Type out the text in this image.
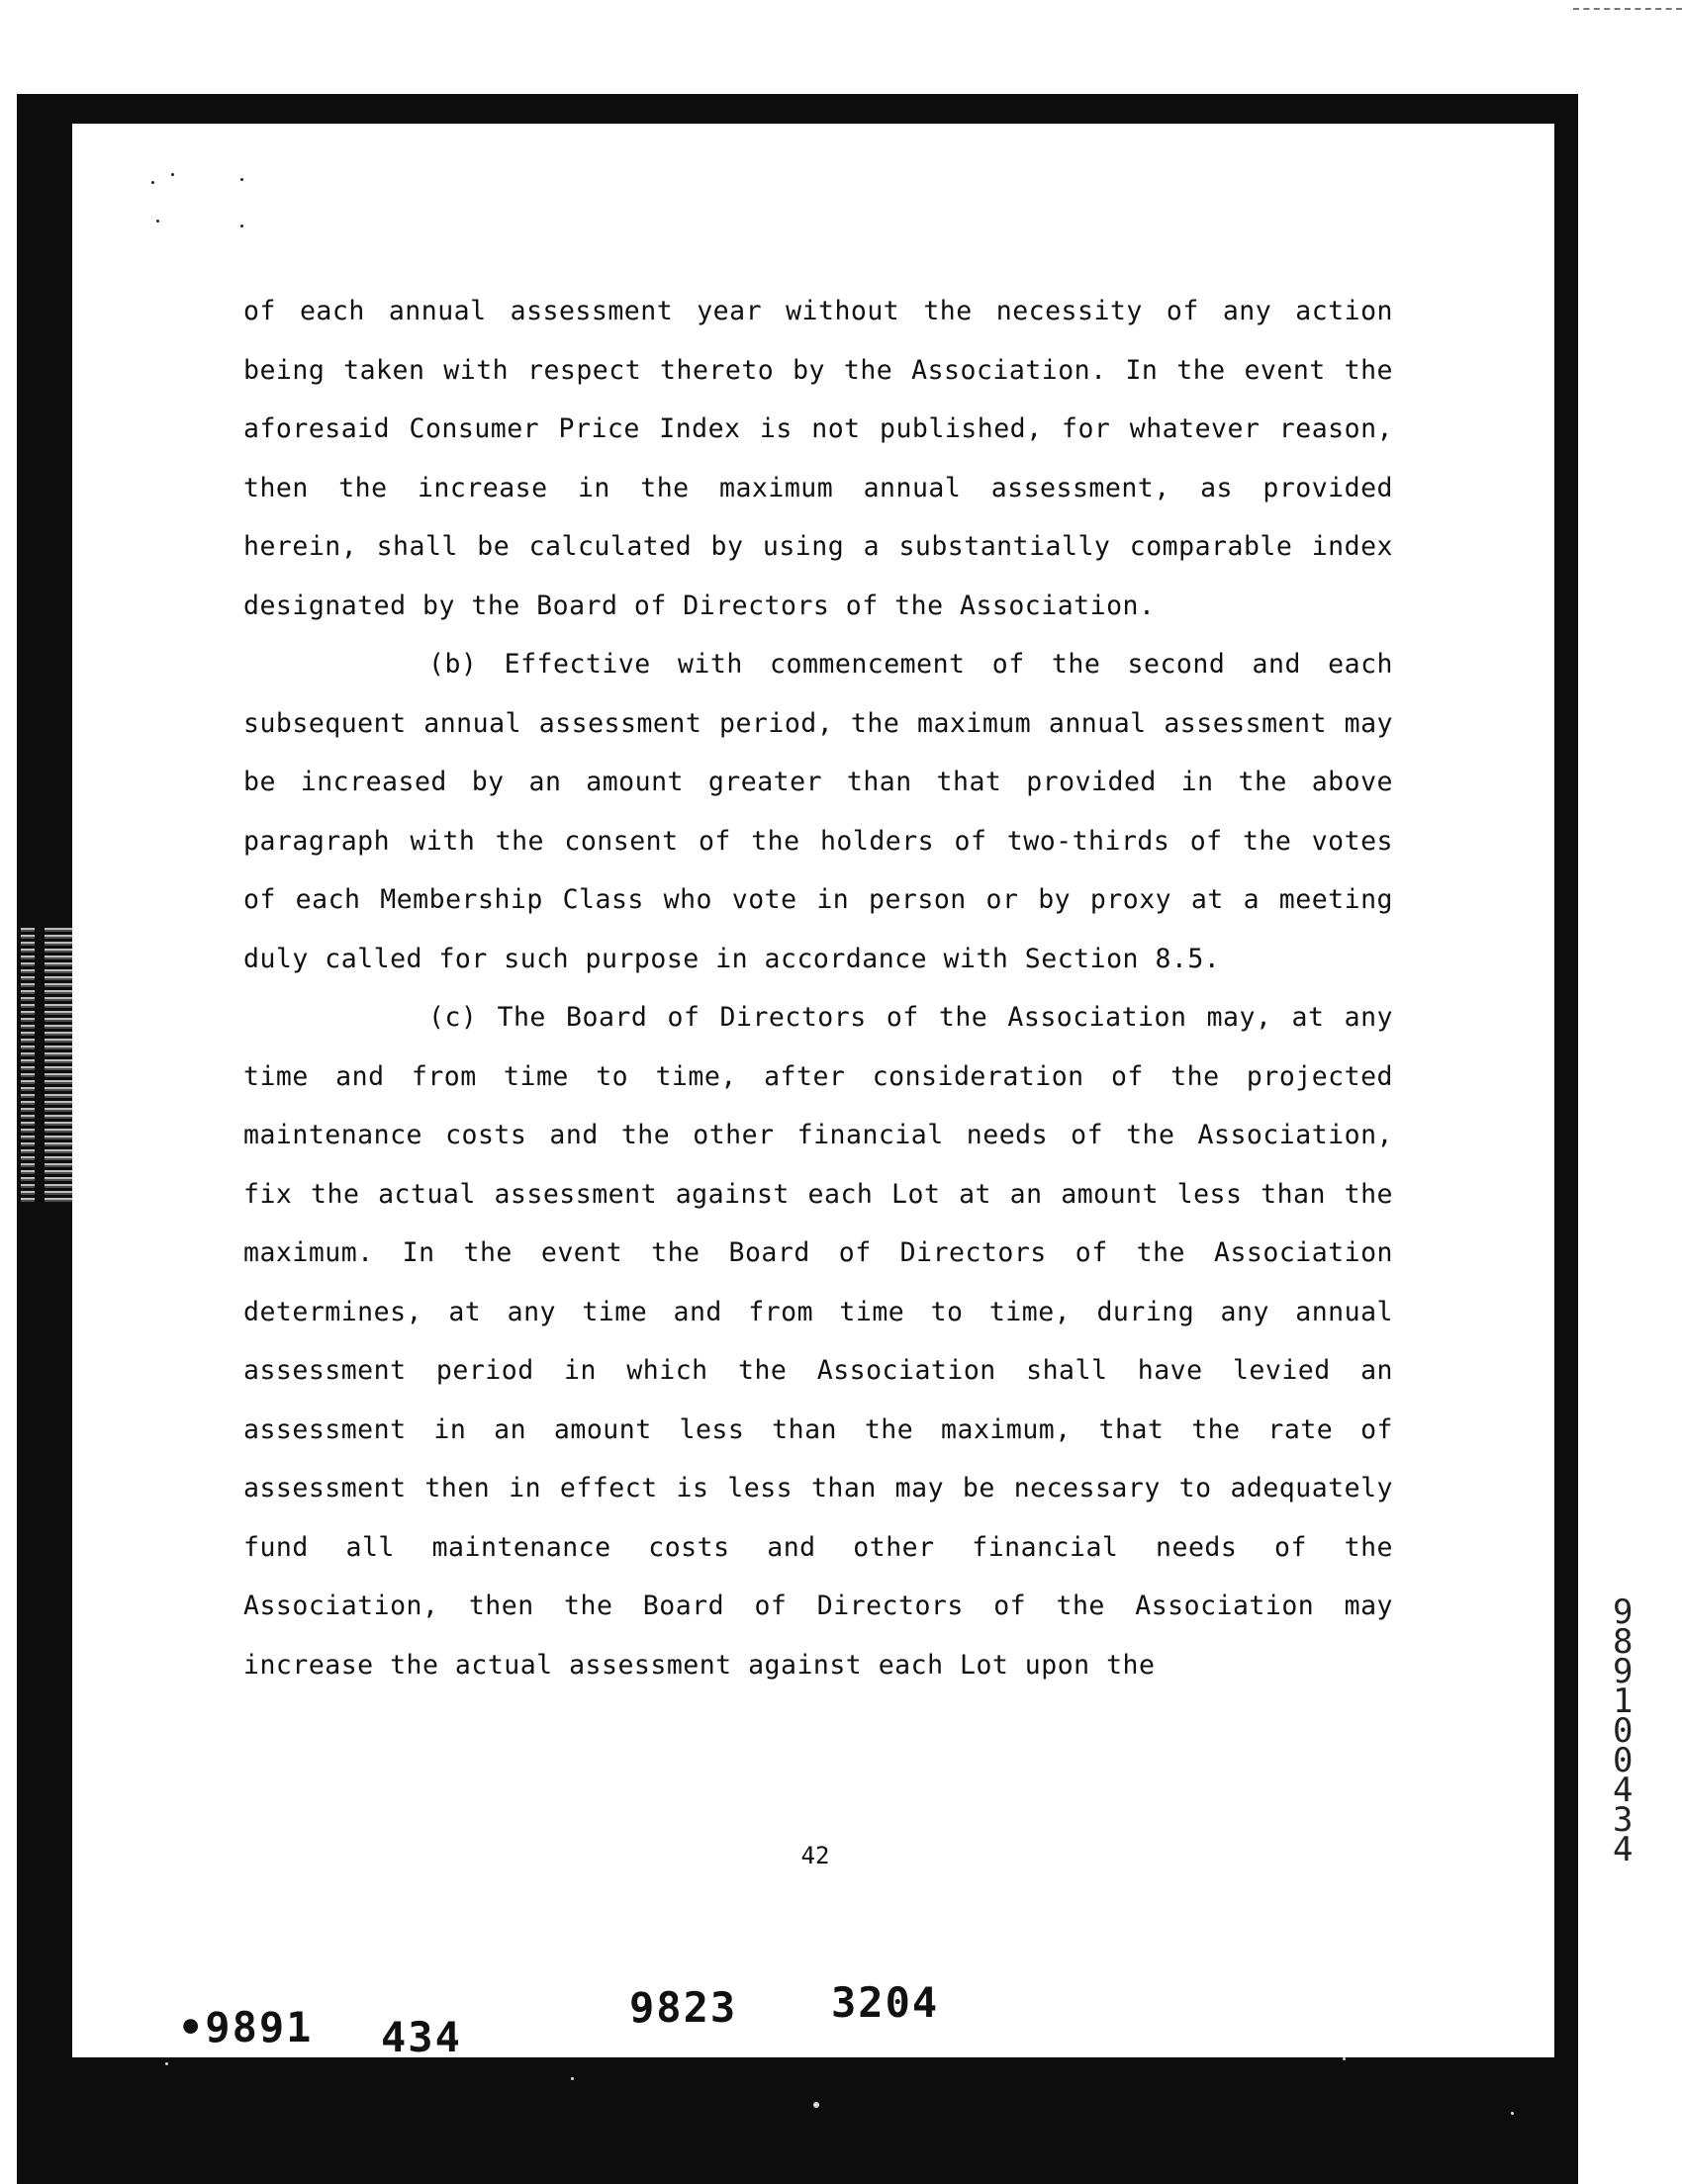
of each annual assessment year without the necessity of any action being taken with respect thereto by the Association. In the event the aforesaid Consumer Price Index is not published, for whatever reason, then the increase in the maximum annual assessment, as provided herein, shall be calculated by using a substantially comparable index designated by the Board of Directors of the Association.

(b) Effective with commencement of the second and each subsequent annual assessment period, the maximum annual assessment may be increased by an amount greater than that provided in the above paragraph with the consent of the holders of two-thirds of the votes of each Membership Class who vote in person or by proxy at a meeting duly called for such purpose in accordance with Section 8.5.

(c) The Board of Directors of the Association may, at any time and from time to time, after consideration of the projected maintenance costs and the other financial needs of the Association, fix the actual assessment against each Lot at an amount less than the maximum. In the event the Board of Directors of the Association determines, at any time and from time to time, during any annual assessment period in which the Association shall have levied an assessment in an amount less than the maximum, that the rate of assessment then in effect is less than may be necessary to adequately fund all maintenance costs and other financial needs of the Association, then the Board of Directors of the Association may increase the actual assessment against each Lot upon the

42
9891 00434
•9891 434
9823 3204
